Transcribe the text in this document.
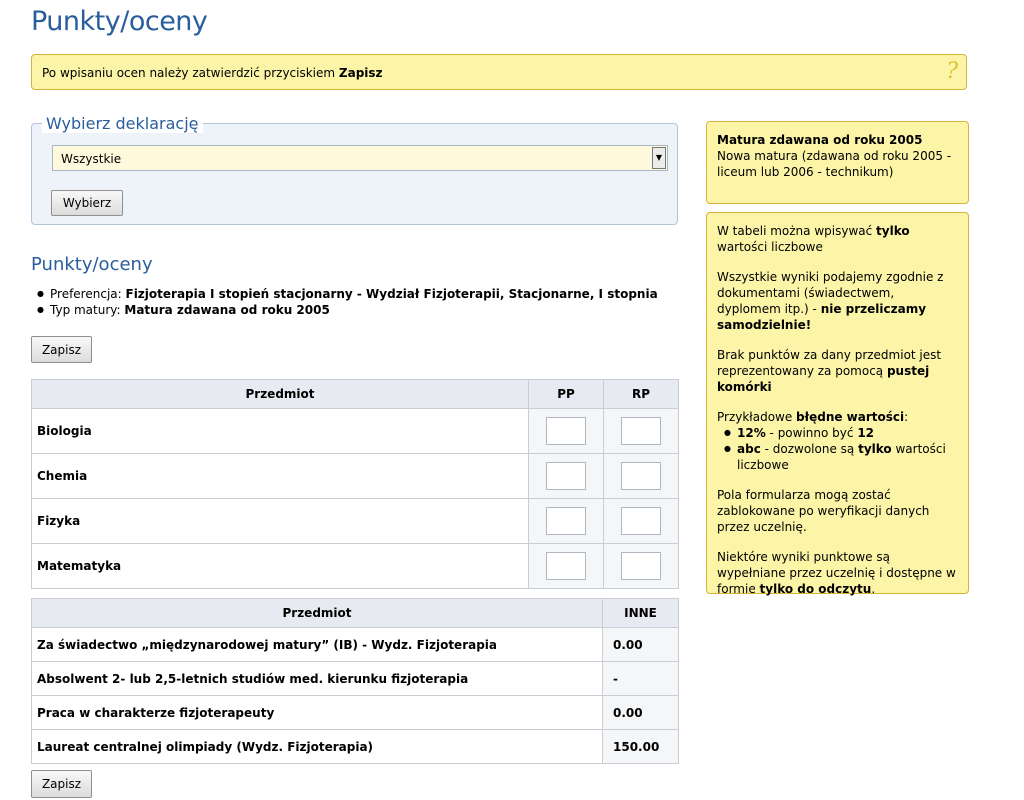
Punkty/oceny
Po wpisaniu ocen należy zatwierdzić przyciskiem Zapisz	?
Wybierz deklarację
Wszystkie	▼
Wybierz
Punkty/oceny
● Preferencja: Fizjoterapia I stopień stacjonarny - Wydział Fizjoterapii, Stacjonarne, I stopnia
● Typ matury: Matura zdawana od roku 2005
Zapisz
Przedmiot	PP	RP
Biologia		
Chemia		
Fizyka		
Matematyka		
Przedmiot	INNE
Za świadectwo „międzynarodowej matury” (IB) - Wydz. Fizjoterapia	0.00
Absolwent 2- lub 2,5-letnich studiów med. kierunku fizjoterapia	-
Praca w charakterze fizjoterapeuty	0.00
Laureat centralnej olimpiady (Wydz. Fizjoterapia)	150.00
Zapisz
Matura zdawana od roku 2005
Nowa matura (zdawana od roku 2005 - liceum lub 2006 - technikum)

W tabeli można wpisywać tylko wartości liczbowe

Wszystkie wyniki podajemy zgodnie z dokumentami (świadectwem, dyplomem itp.) - nie przeliczamy samodzielnie!

Brak punktów za dany przedmiot jest reprezentowany za pomocą pustej komórki

Przykładowe błędne wartości:

● 12% - powinno być 12
● abc - dozwolone są tylko wartości liczbowe

Pola formularza mogą zostać zablokowane po weryfikacji danych przez uczelnię.

Niektóre wyniki punktowe są wypełniane przez uczelnię i dostępne w formie tylko do odczytu.
